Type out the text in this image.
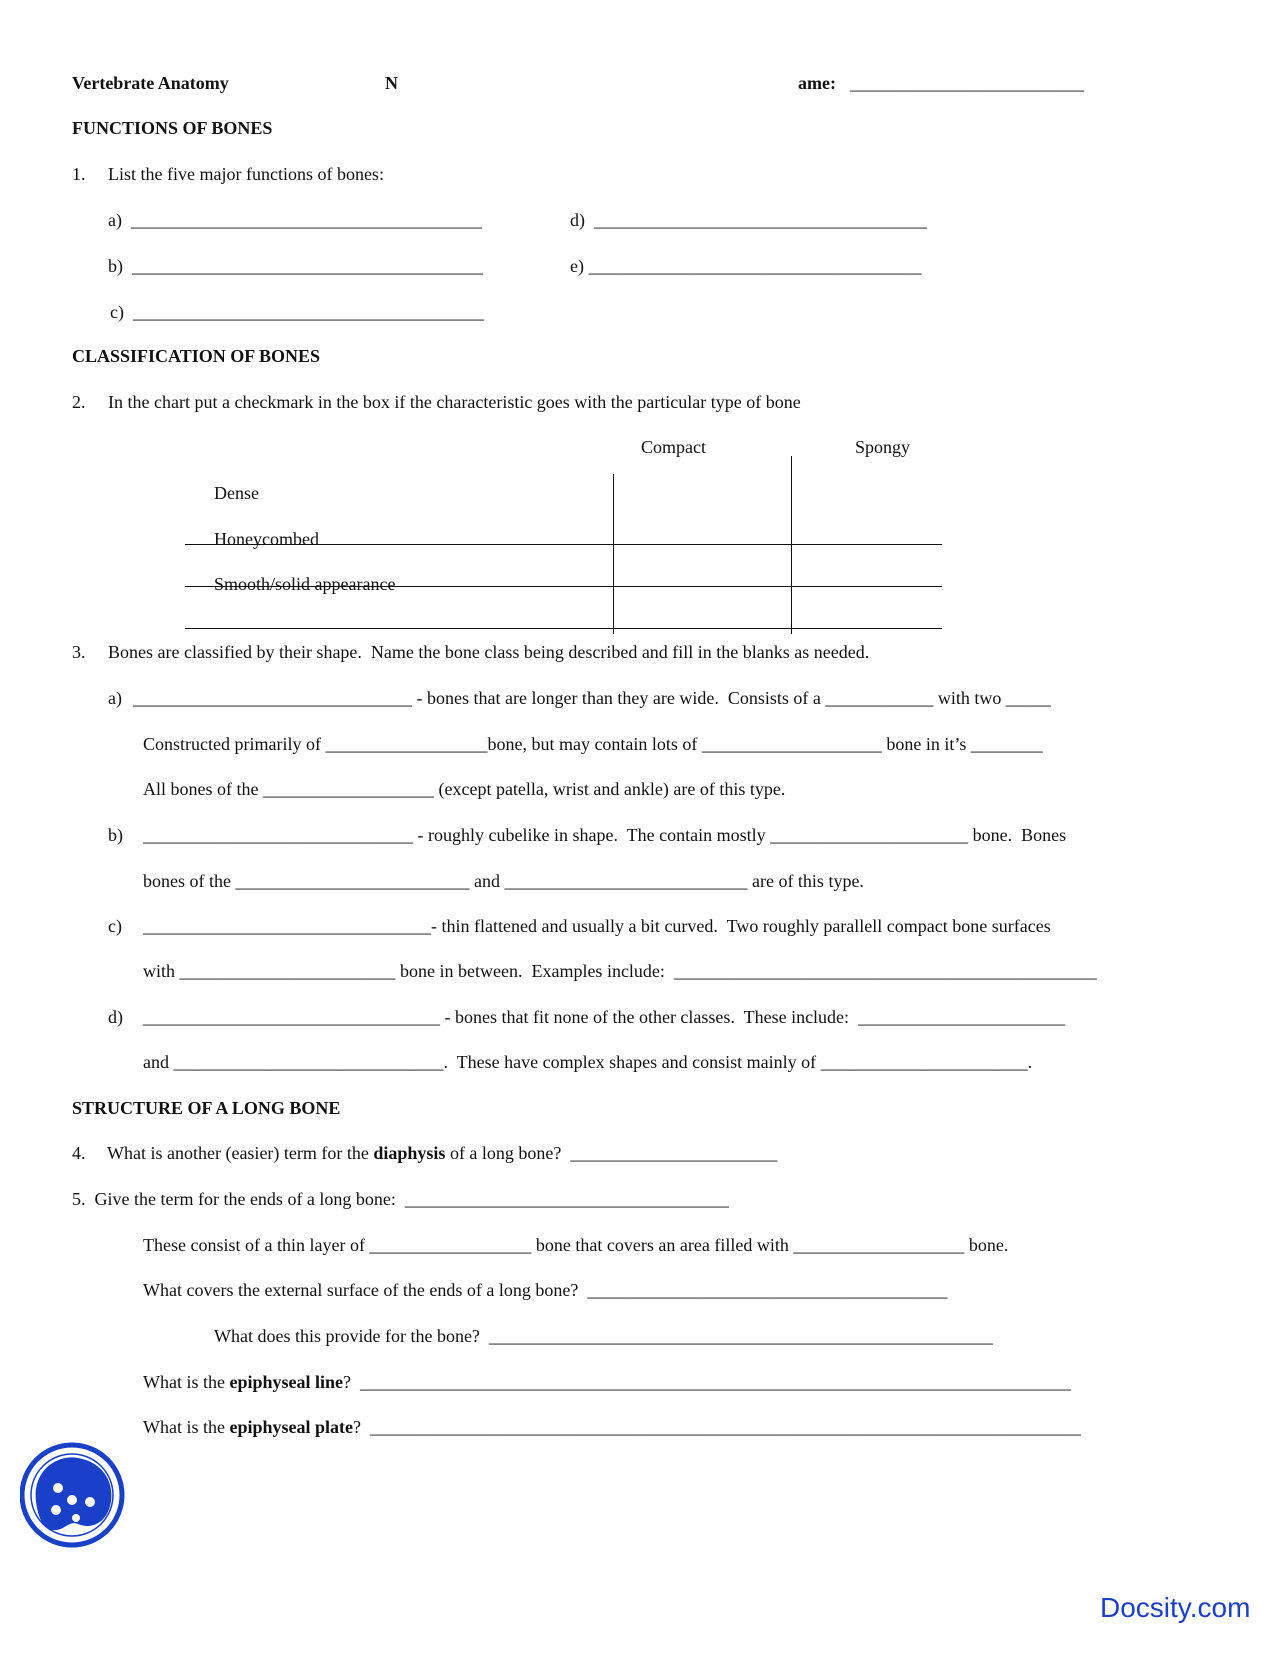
Vertebrate Anatomy	N	ame: __________________________
FUNCTIONS OF BONES
1. List the five major functions of bones:
a)  _______________________________________
b)  _______________________________________
c)  _______________________________________
d)  _____________________________________
e) _____________________________________
CLASSIFICATION OF BONES
2. In the chart put a checkmark in the box if the characteristic goes with the particular type of bone
Compact	Spongy
Dense
Honeycombed
Smooth/solid appearance
3. Bones are classified by their shape.  Name the bone class being described and fill in the blanks as needed.
a) _______________________________ - bones that are longer than they are wide.  Consists of a ____________ with two _____
Constructed primarily of __________________bone, but may contain lots of ____________________ bone in it’s ________
All bones of the ___________________ (except patella, wrist and ankle) are of this type.
b) ______________________________ - roughly cubelike in shape.  The contain mostly ______________________ bone.  Bones
bones of the __________________________ and ___________________________ are of this type.
c) ________________________________- thin flattened and usually a bit curved.  Two roughly parallell compact bone surfaces
with ________________________ bone in between.  Examples include:  _______________________________________________
d) _________________________________ - bones that fit none of the other classes.  These include:  _______________________
and ______________________________.  These have complex shapes and consist mainly of _______________________.
STRUCTURE OF A LONG BONE
4. What is another (easier) term for the diaphysis of a long bone?  _______________________
5.  Give the term for the ends of a long bone:  ____________________________________
These consist of a thin layer of __________________ bone that covers an area filled with ___________________ bone.
What covers the external surface of the ends of a long bone?  ________________________________________
What does this provide for the bone?  ________________________________________________________
What is the epiphyseal line?  _______________________________________________________________________________
What is the epiphyseal plate?  _______________________________________________________________________________
Docsity.com
